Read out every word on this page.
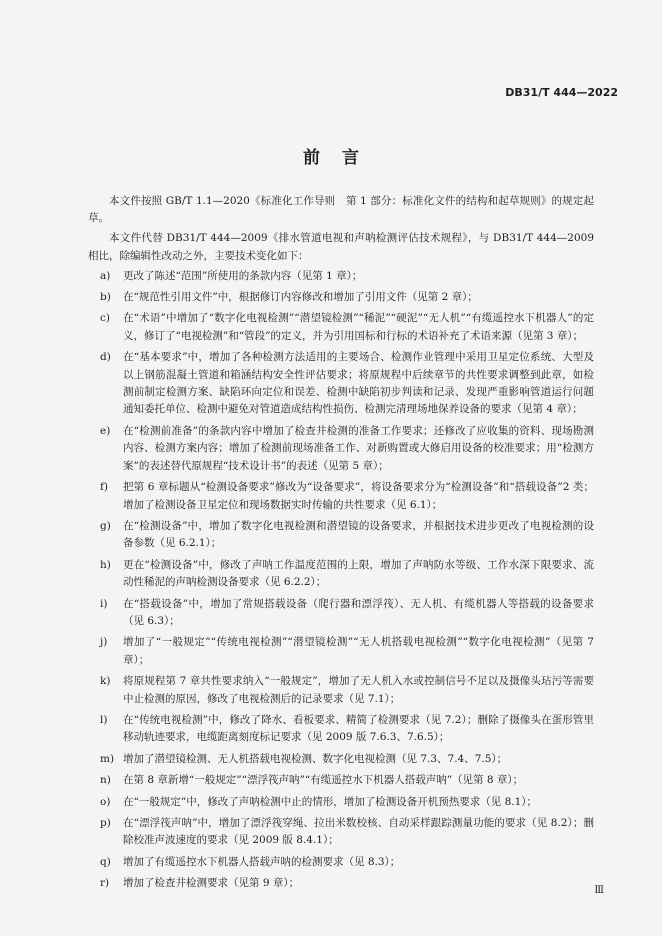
DB31/T 444—2022
前言

本文件按照 GB/T 1.1—2020《标准化工作导则　第 1 部分：标准化文件的结构和起草规则》的规定起草。

本文件代替 DB31/T 444—2009《排水管道电视和声呐检测评估技术规程》，与 DB31/T 444—2009 相比，除编辑性改动之外，主要技术变化如下：

a) 更改了陈述“范围”所使用的条款内容（见第 1 章）；
b) 在“规范性引用文件”中，根据修订内容修改和增加了引用文件（见第 2 章）；
c) 在“术语”中增加了“数字化电视检测”“潜望镜检测”“稀泥”“硬泥”“无人机”“有缆遥控水下机器人”的定义，修订了“电视检测”和“管段”的定义，并为引用国标和行标的术语补充了术语来源（见第 3 章）；
d) 在“基本要求”中，增加了各种检测方法适用的主要场合、检测作业管理中采用卫星定位系统、大型及以上钢筋混凝土管道和箱涵结构安全性评估要求；将原规程中后续章节的共性要求调整到此章，如检测前制定检测方案、缺陷环向定位和误差、检测中缺陷初步判读和记录、发现严重影响管道运行问题通知委托单位、检测中避免对管道造成结构性损伤、检测完清理场地保养设备的要求（见第 4 章）；
e) 在“检测前准备”的条款内容中增加了检查井检测的准备工作要求；还修改了应收集的资料、现场勘测内容、检测方案内容；增加了检测前现场准备工作、对新购置或大修启用设备的校准要求；用“检测方案”的表述替代原规程“技术设计书”的表述（见第 5 章）；
f) 把第 6 章标题从“检测设备要求”修改为“设备要求”，将设备要求分为“检测设备”和“搭载设备”2 类；增加了检测设备卫星定位和现场数据实时传输的共性要求（见 6.1）；
g) 在“检测设备”中，增加了数字化电视检测和潜望镜的设备要求，并根据技术进步更改了电视检测的设备参数（见 6.2.1）；
h) 更在“检测设备”中，修改了声呐工作温度范围的上限，增加了声呐防水等级、工作水深下限要求、流动性稀泥的声呐检测设备要求（见 6.2.2）；
i) 在“搭载设备”中，增加了常规搭载设备（爬行器和漂浮筏）、无人机、有缆机器人等搭载的设备要求（见 6.3）；
j) 增加了“一般规定”“传统电视检测”“潜望镜检测”“无人机搭载电视检测”“数字化电视检测”（见第 7 章）；
k) 将原规程第 7 章共性要求纳入“一般规定”，增加了无人机入水或控制信号不足以及摄像头玷污等需要中止检测的原因，修改了电视检测后的记录要求（见 7.1）；
l) 在“传统电视检测”中，修改了降水、看板要求、精简了检测要求（见 7.2）；删除了摄像头在蛋形管里移动轨迹要求，电缆距离刻度标记要求（见 2009 版 7.6.3、7.6.5）；
m) 增加了潜望镜检测、无人机搭载电视检测、数字化电视检测（见 7.3、7.4、7.5）；
n) 在第 8 章新增“一般规定”“漂浮筏声呐”“有缆遥控水下机器人搭载声呐”（见第 8 章）；
o) 在“一般规定”中，修改了声呐检测中止的情形，增加了检测设备开机预热要求（见 8.1）；
p) 在“漂浮筏声呐”中，增加了漂浮筏穿绳、拉出米数校核、自动采样跟踪测量功能的要求（见 8.2）；删除校准声波速度的要求（见 2009 版 8.4.1）；
q) 增加了有缆遥控水下机器人搭载声呐的检测要求（见 8.3）；
r) 增加了检查井检测要求（见第 9 章）；
Ⅲ
